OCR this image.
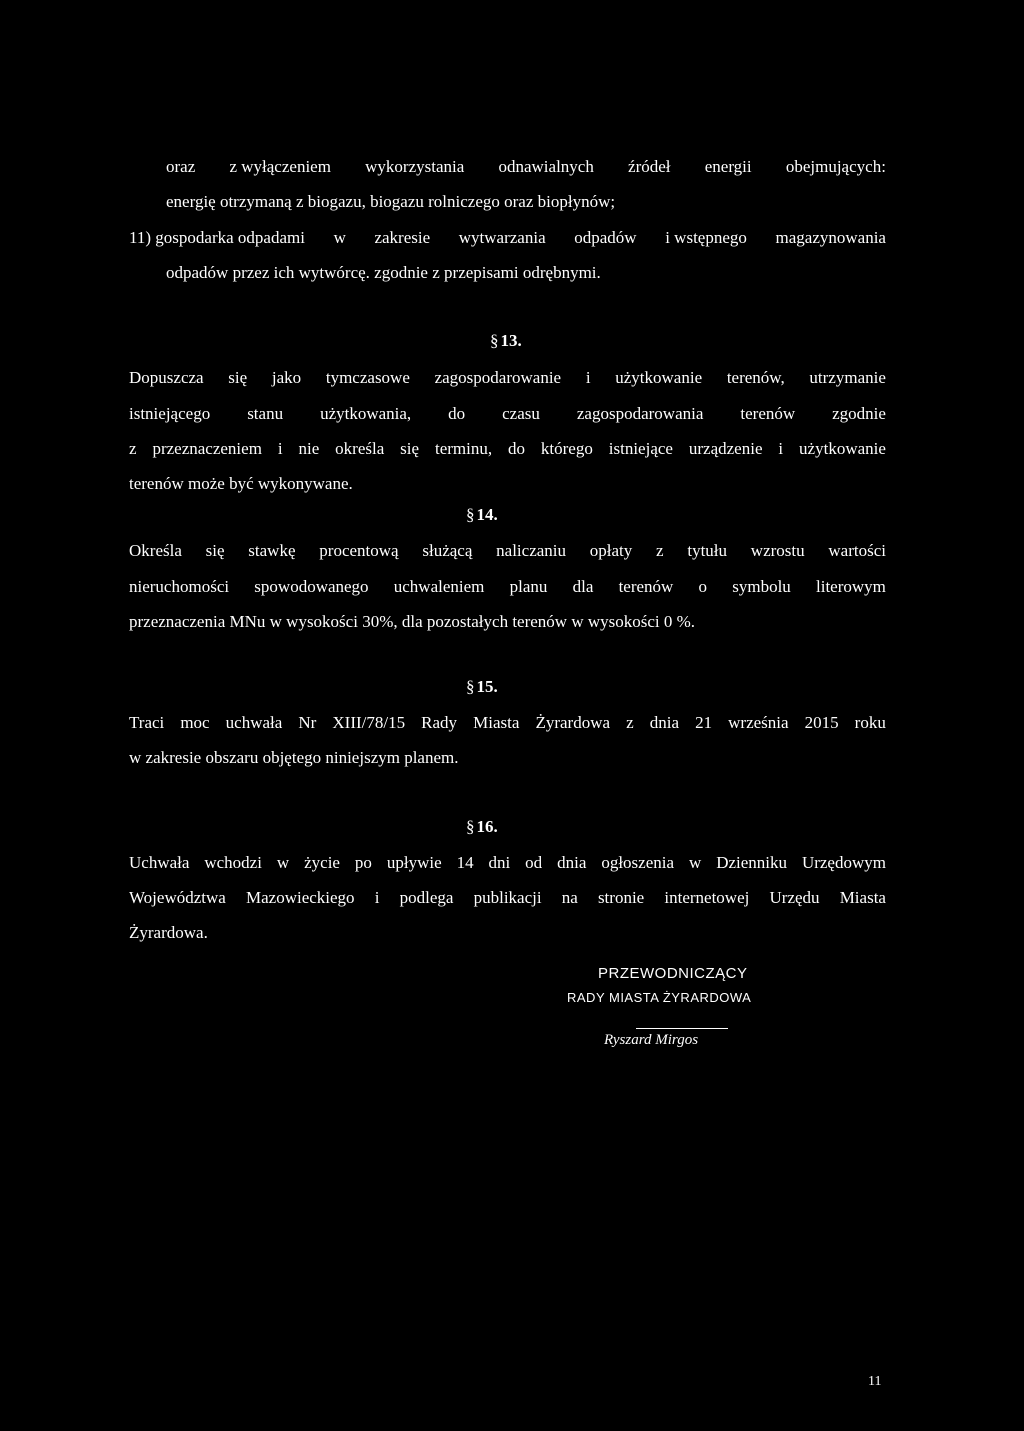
oraz z wyłączeniem wykorzystania odnawialnych źródeł energii obejmujących:
energię otrzymaną z biogazu, biogazu rolniczego oraz biopłynów;
11) gospodarka odpadami w zakresie wytwarzania odpadów i wstępnego magazynowania
odpadów przez ich wytwórcę. zgodnie z przepisami odrębnymi.
§ 13.
§ 14.
§ 15.
§ 16.
Dopuszcza się jako tymczasowe zagospodarowanie i użytkowanie terenów, utrzymanie
istniejącego stanu użytkowania, do czasu zagospodarowania terenów zgodnie
z przeznaczeniem i nie określa się terminu, do którego istniejące urządzenie i użytkowanie
terenów może być wykonywane.
Określa się stawkę procentową służącą naliczaniu opłaty z tytułu wzrostu wartości
nieruchomości spowodowanego uchwaleniem planu dla terenów o symbolu literowym
przeznaczenia MNu w wysokości 30%, dla pozostałych terenów w wysokości 0 %.
Traci moc uchwała Nr XIII/78/15 Rady Miasta Żyrardowa z dnia 21 września 2015 roku
w zakresie obszaru objętego niniejszym planem.
Uchwała wchodzi w życie po upływie 14 dni od dnia ogłoszenia w Dzienniku Urzędowym
Województwa Mazowieckiego i podlega publikacji na stronie internetowej Urzędu Miasta
Żyrardowa.
PRZEWODNICZĄCY
RADY MIASTA ŻYRARDOWA
Ryszard Mirgos
11
